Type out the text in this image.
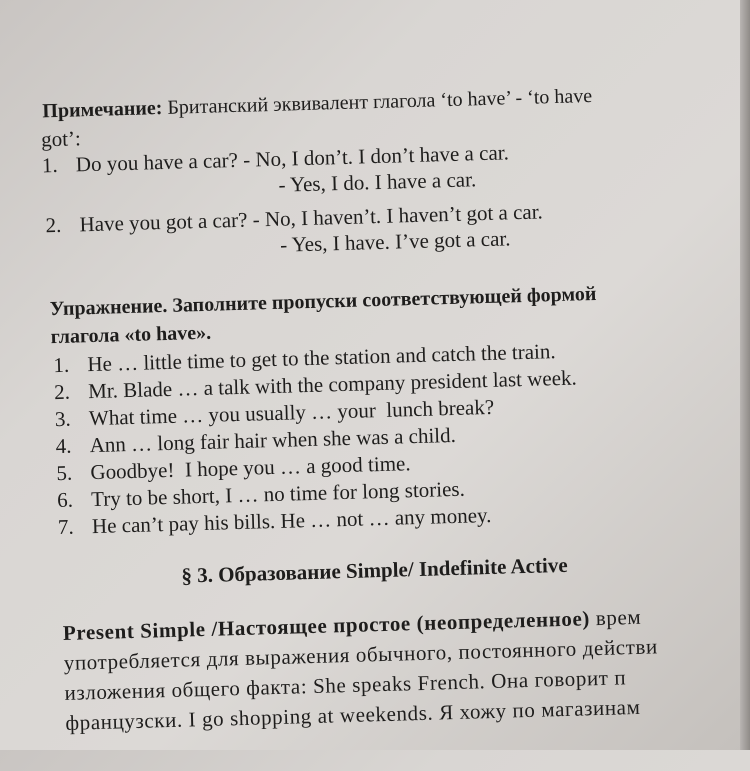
Примечание: Британский эквивалент глагола ‘to have’ - ‘to have
got’:
1. Do you have a car? - No, I don’t. I don’t have a car.
- Yes, I do. I have a car.
2. Have you got a car? - No, I haven’t. I haven’t got a car.
- Yes, I have. I’ve got a car.
Упражнение. Заполните пропуски соответствующей формой
глагола «to have».
1. He … little time to get to the station and catch the train.
2. Mr. Blade … a talk with the company president last week.
3. What time … you usually … your  lunch break?
4. Ann … long fair hair when she was a child.
5. Goodbye!  I hope you … a good time.
6. Try to be short, I … no time for long stories.
7. He can’t pay his bills. He … not … any money.
§ 3. Образование Simple/ Indefinite Active
Present Simple /Настоящее простое (неопределенное) врем
употребляется для выражения обычного, постоянного действи
изложения общего факта: She speaks French. Она говорит п
французски. I go shopping at weekends. Я хожу по магазинам
